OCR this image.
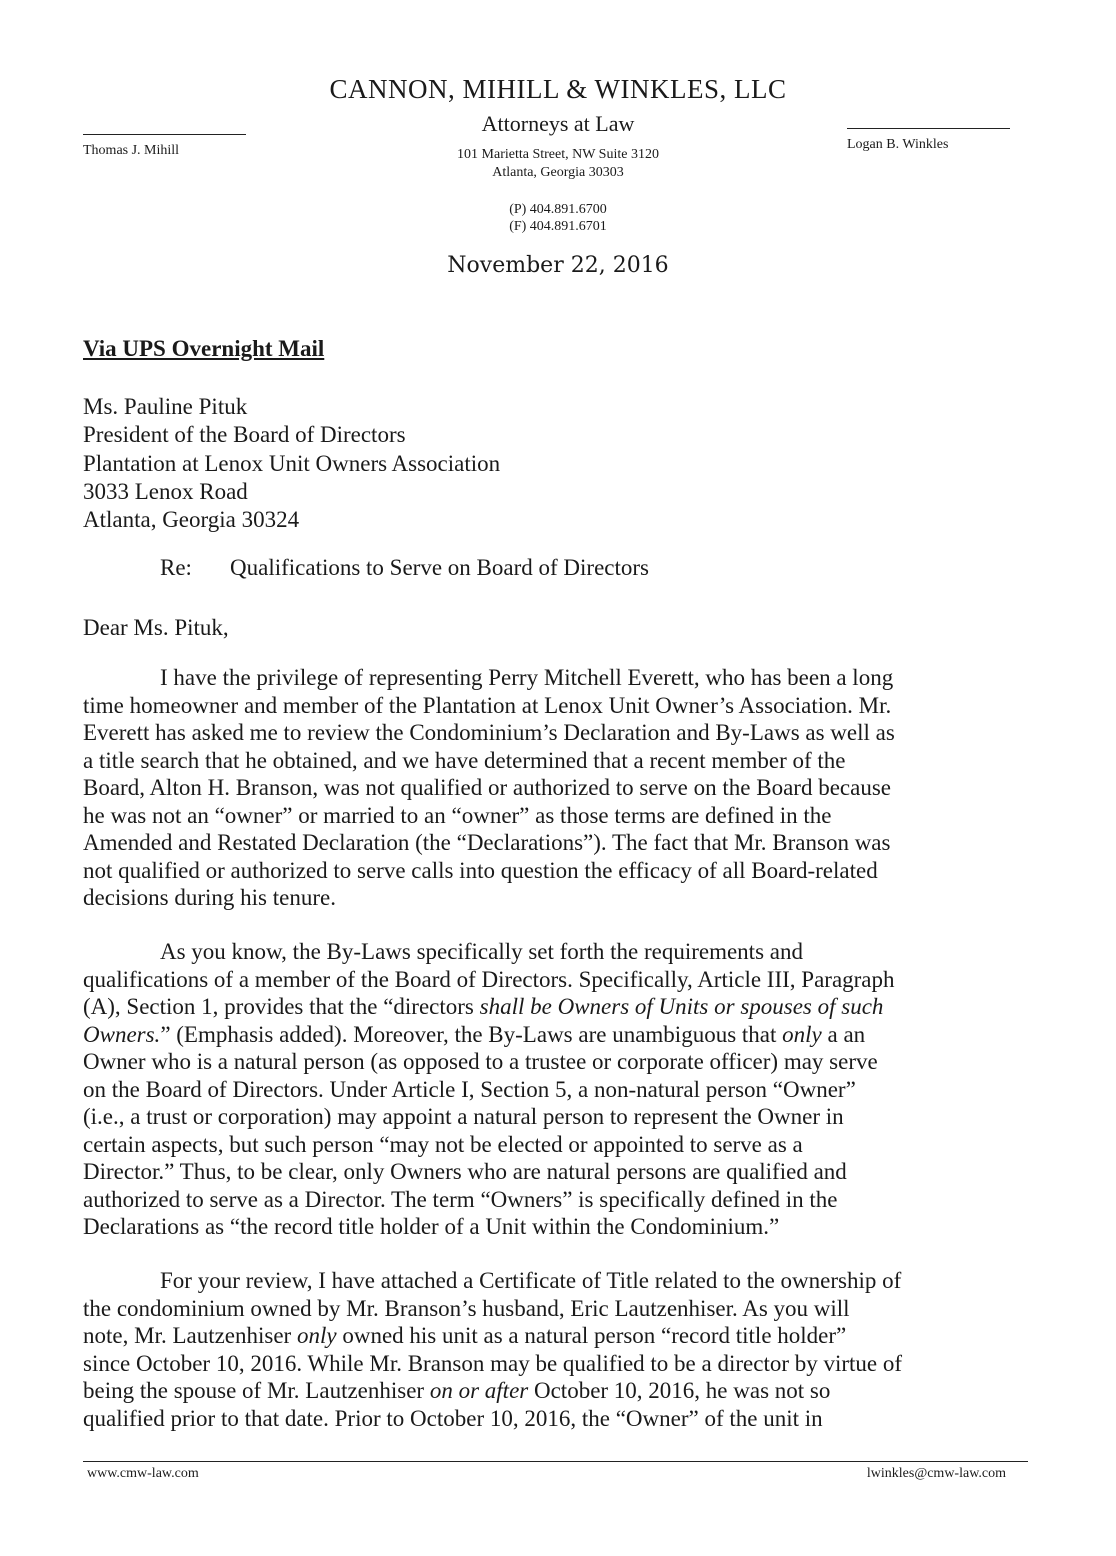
CANNON, MIHILL & WINKLES, LLC
Attorneys at Law
Thomas J. Mihill	Logan B. Winkles
101 Marietta Street, NW Suite 3120
Atlanta, Georgia 30303
(P) 404.891.6700
(F) 404.891.6701
November 22, 2016
Via UPS Overnight Mail
Ms. Pauline Pituk
President of the Board of Directors
Plantation at Lenox Unit Owners Association
3033 Lenox Road
Atlanta, Georgia 30324
Re: Qualifications to Serve on Board of Directors
Dear Ms. Pituk,
I have the privilege of representing Perry Mitchell Everett, who has been a long
time homeowner and member of the Plantation at Lenox Unit Owner’s Association. Mr.
Everett has asked me to review the Condominium’s Declaration and By-Laws as well as
a title search that he obtained, and we have determined that a recent member of the
Board, Alton H. Branson, was not qualified or authorized to serve on the Board because
he was not an “owner” or married to an “owner” as those terms are defined in the
Amended and Restated Declaration (the “Declarations”). The fact that Mr. Branson was
not qualified or authorized to serve calls into question the efficacy of all Board-related
decisions during his tenure.
As you know, the By-Laws specifically set forth the requirements and
qualifications of a member of the Board of Directors. Specifically, Article III, Paragraph
(A), Section 1, provides that the “directors shall be Owners of Units or spouses of such
Owners.” (Emphasis added). Moreover, the By-Laws are unambiguous that only a an
Owner who is a natural person (as opposed to a trustee or corporate officer) may serve
on the Board of Directors. Under Article I, Section 5, a non-natural person “Owner”
(i.e., a trust or corporation) may appoint a natural person to represent the Owner in
certain aspects, but such person “may not be elected or appointed to serve as a
Director.” Thus, to be clear, only Owners who are natural persons are qualified and
authorized to serve as a Director. The term “Owners” is specifically defined in the
Declarations as “the record title holder of a Unit within the Condominium.”
For your review, I have attached a Certificate of Title related to the ownership of
the condominium owned by Mr. Branson’s husband, Eric Lautzenhiser. As you will
note, Mr. Lautzenhiser only owned his unit as a natural person “record title holder”
since October 10, 2016. While Mr. Branson may be qualified to be a director by virtue of
being the spouse of Mr. Lautzenhiser on or after October 10, 2016, he was not so
qualified prior to that date. Prior to October 10, 2016, the “Owner” of the unit in
www.cmw-law.com	lwinkles@cmw-law.com
